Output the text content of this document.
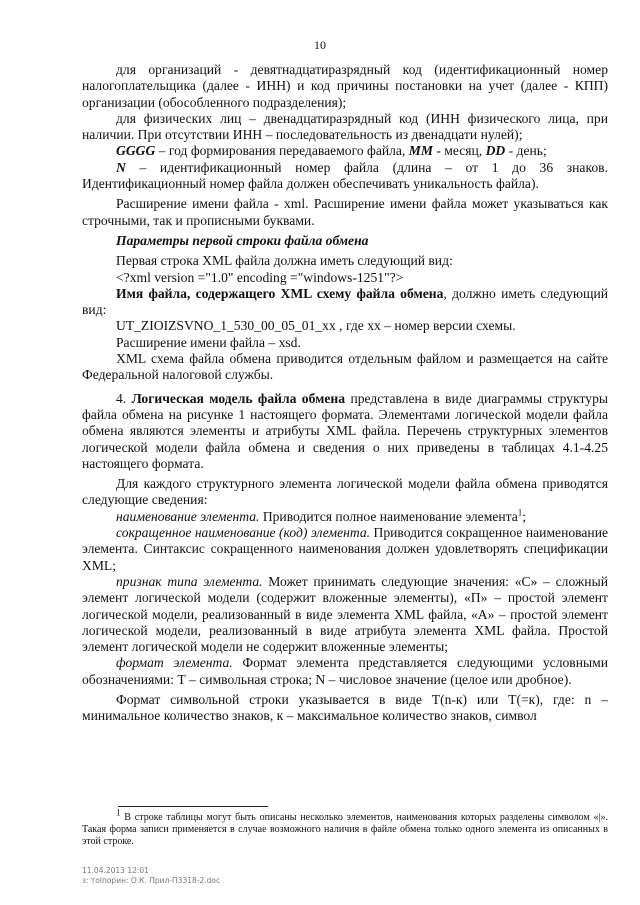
10

для организаций - девятнадцатиразрядный код (идентификационный номер налогоплательщика (далее - ИНН) и код причины постановки на учет (далее - КПП) организации (обособленного подразделения);

для физических лиц – двенадцатиразрядный код (ИНН физического лица, при наличии. При отсутствии ИНН – последовательность из двенадцати нулей);

GGGG – год формирования передаваемого файла, MM - месяц, DD - день;

N – идентификационный номер файла (длина – от 1 до 36 знаков. Идентификационный номер файла должен обеспечивать уникальность файла).

Расширение имени файла - xml. Расширение имени файла может указываться как строчными, так и прописными буквами.

Параметры первой строки файла обмена

Первая строка XML файла должна иметь следующий вид:

<?xml version ="1.0" encoding ="windows-1251"?>

Имя файла, содержащего XML схему файла обмена, должно иметь следующий вид:

UT_ZIOIZSVNO_1_530_00_05_01_xx , где хх – номер версии схемы.

Расширение имени файла – xsd.

XML схема файла обмена приводится отдельным файлом и размещается на сайте Федеральной налоговой службы.

4. Логическая модель файла обмена представлена в виде диаграммы структуры файла обмена на рисунке 1 настоящего формата. Элементами логической модели файла обмена являются элементы и атрибуты XML файла. Перечень структурных элементов логической модели файла обмена и сведения о них приведены в таблицах 4.1-4.25 настоящего формата.

Для каждого структурного элемента логической модели файла обмена приводятся следующие сведения:

наименование элемента. Приводится полное наименование элемента$^1$;

сокращенное наименование (код) элемента. Приводится сокращенное наименование элемента. Синтаксис сокращенного наименования должен удовлетворять спецификации XML;

признак типа элемента. Может принимать следующие значения: «С» – сложный элемент логической модели (содержит вложенные элементы), «П» – простой элемент логической модели, реализованный в виде элемента XML файла, «А» – простой элемент логической модели, реализованный в виде атрибута элемента XML файла. Простой элемент логической модели не содержит вложенные элементы;

формат элемента. Формат элемента представляется следующими условными обозначениями: Т – символьная строка; N – числовое значение (целое или дробное).

Формат символьной строки указывается в виде Т(n-к) или Т(=к), где: n – минимальное количество знаков, к – максимальное количество знаков, символ

$^1$ В строке таблицы могут быть описаны несколько элементов, наименования которых разделены символом «|». Такая форма записи применяется в случае возможного наличия в файле обмена только одного элемента из описанных в этой строке.
11.04.2013 12:01
з: тоlпорин: О.К. Прил-П3318-2.doc
